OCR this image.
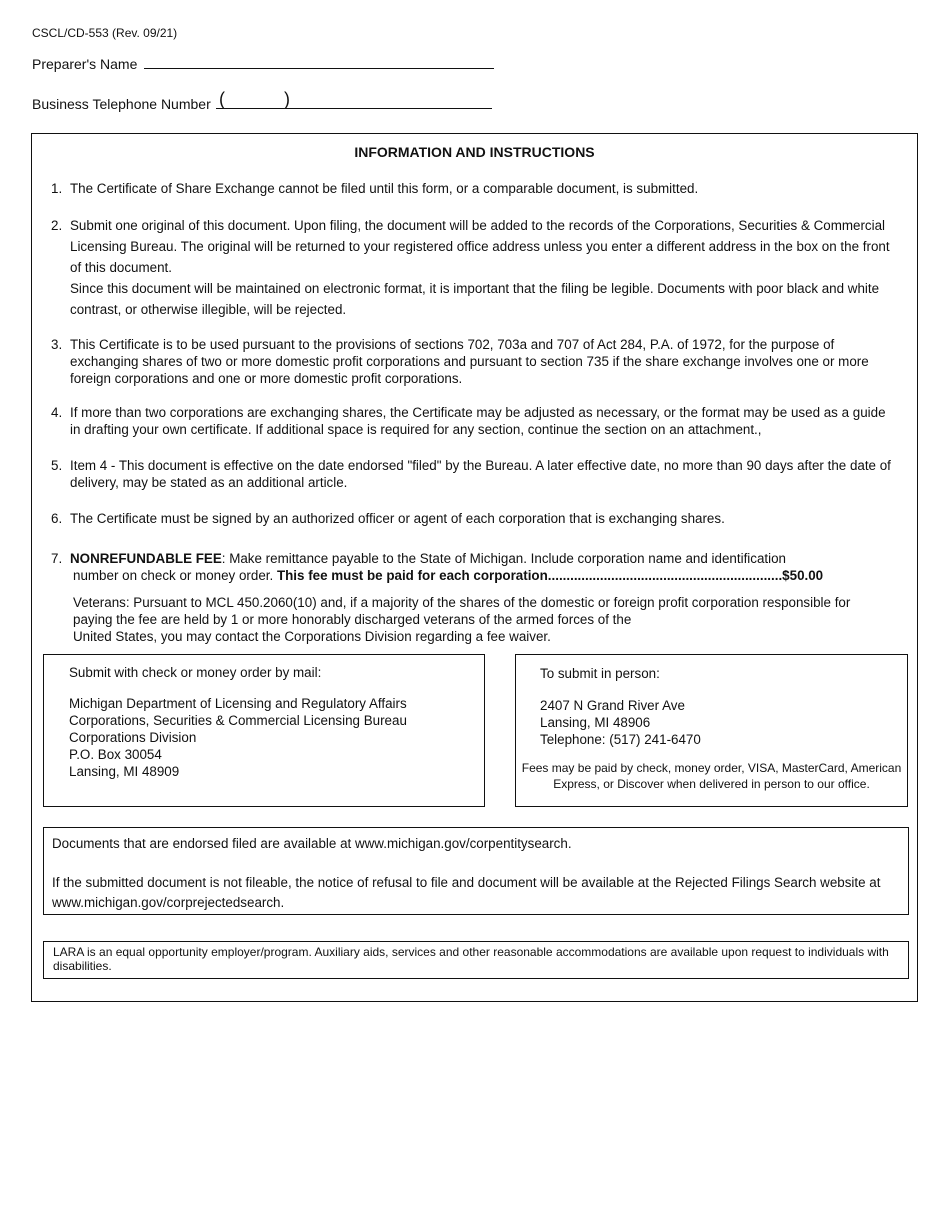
CSCL/CD-553 (Rev. 09/21)
Preparer's Name
Business Telephone Number (	)
INFORMATION AND INSTRUCTIONS
1. The Certificate of Share Exchange cannot be filed until this form, or a comparable document, is submitted.
2. Submit one original of this document. Upon filing, the document will be added to the records of the Corporations, Securities & Commercial Licensing Bureau. The original will be returned to your registered office address unless you enter a different address in the box on the front of this document.
Since this document will be maintained on electronic format, it is important that the filing be legible. Documents with poor black and white contrast, or otherwise illegible, will be rejected.
3. This Certificate is to be used pursuant to the provisions of sections 702, 703a and 707 of Act 284, P.A. of 1972, for the purpose of exchanging shares of two or more domestic profit corporations and pursuant to section 735 if the share exchange involves one or more foreign corporations and one or more domestic profit corporations.
4. If more than two corporations are exchanging shares, the Certificate may be adjusted as necessary, or the format may be used as a guide in drafting your own certificate. If additional space is required for any section, continue the section on an attachment.,
5. Item 4 - This document is effective on the date endorsed "filed" by the Bureau. A later effective date, no more than 90 days after the date of delivery, may be stated as an additional article.
6. The Certificate must be signed by an authorized officer or agent of each corporation that is exchanging shares.
7. NONREFUNDABLE FEE: Make remittance payable to the State of Michigan. Include corporation name and identification
number on check or money order. This fee must be paid for each corporation...............................................................$50.00
Veterans: Pursuant to MCL 450.2060(10) and, if a majority of the shares of the domestic or foreign profit corporation responsible for
paying the fee are held by 1 or more honorably discharged veterans of the armed forces of the
United States, you may contact the Corporations Division regarding a fee waiver.

Submit with check or money order by mail:

Michigan Department of Licensing and Regulatory Affairs

Corporations, Securities & Commercial Licensing Bureau

Corporations Division

P.O. Box 30054

Lansing, MI 48909

To submit in person:

2407 N Grand River Ave

Lansing, MI 48906

Telephone: (517) 241-6470

Fees may be paid by check, money order, VISA, MasterCard, American

Express, or Discover when delivered in person to our office.

Documents that are endorsed filed are available at www.michigan.gov/corpentitysearch.

If the submitted document is not fileable, the notice of refusal to file and document will be available at the Rejected Filings Search website at www.michigan.gov/corprejectedsearch.

LARA is an equal opportunity employer/program. Auxiliary aids, services and other reasonable accommodations are available upon request to individuals with disabilities.
